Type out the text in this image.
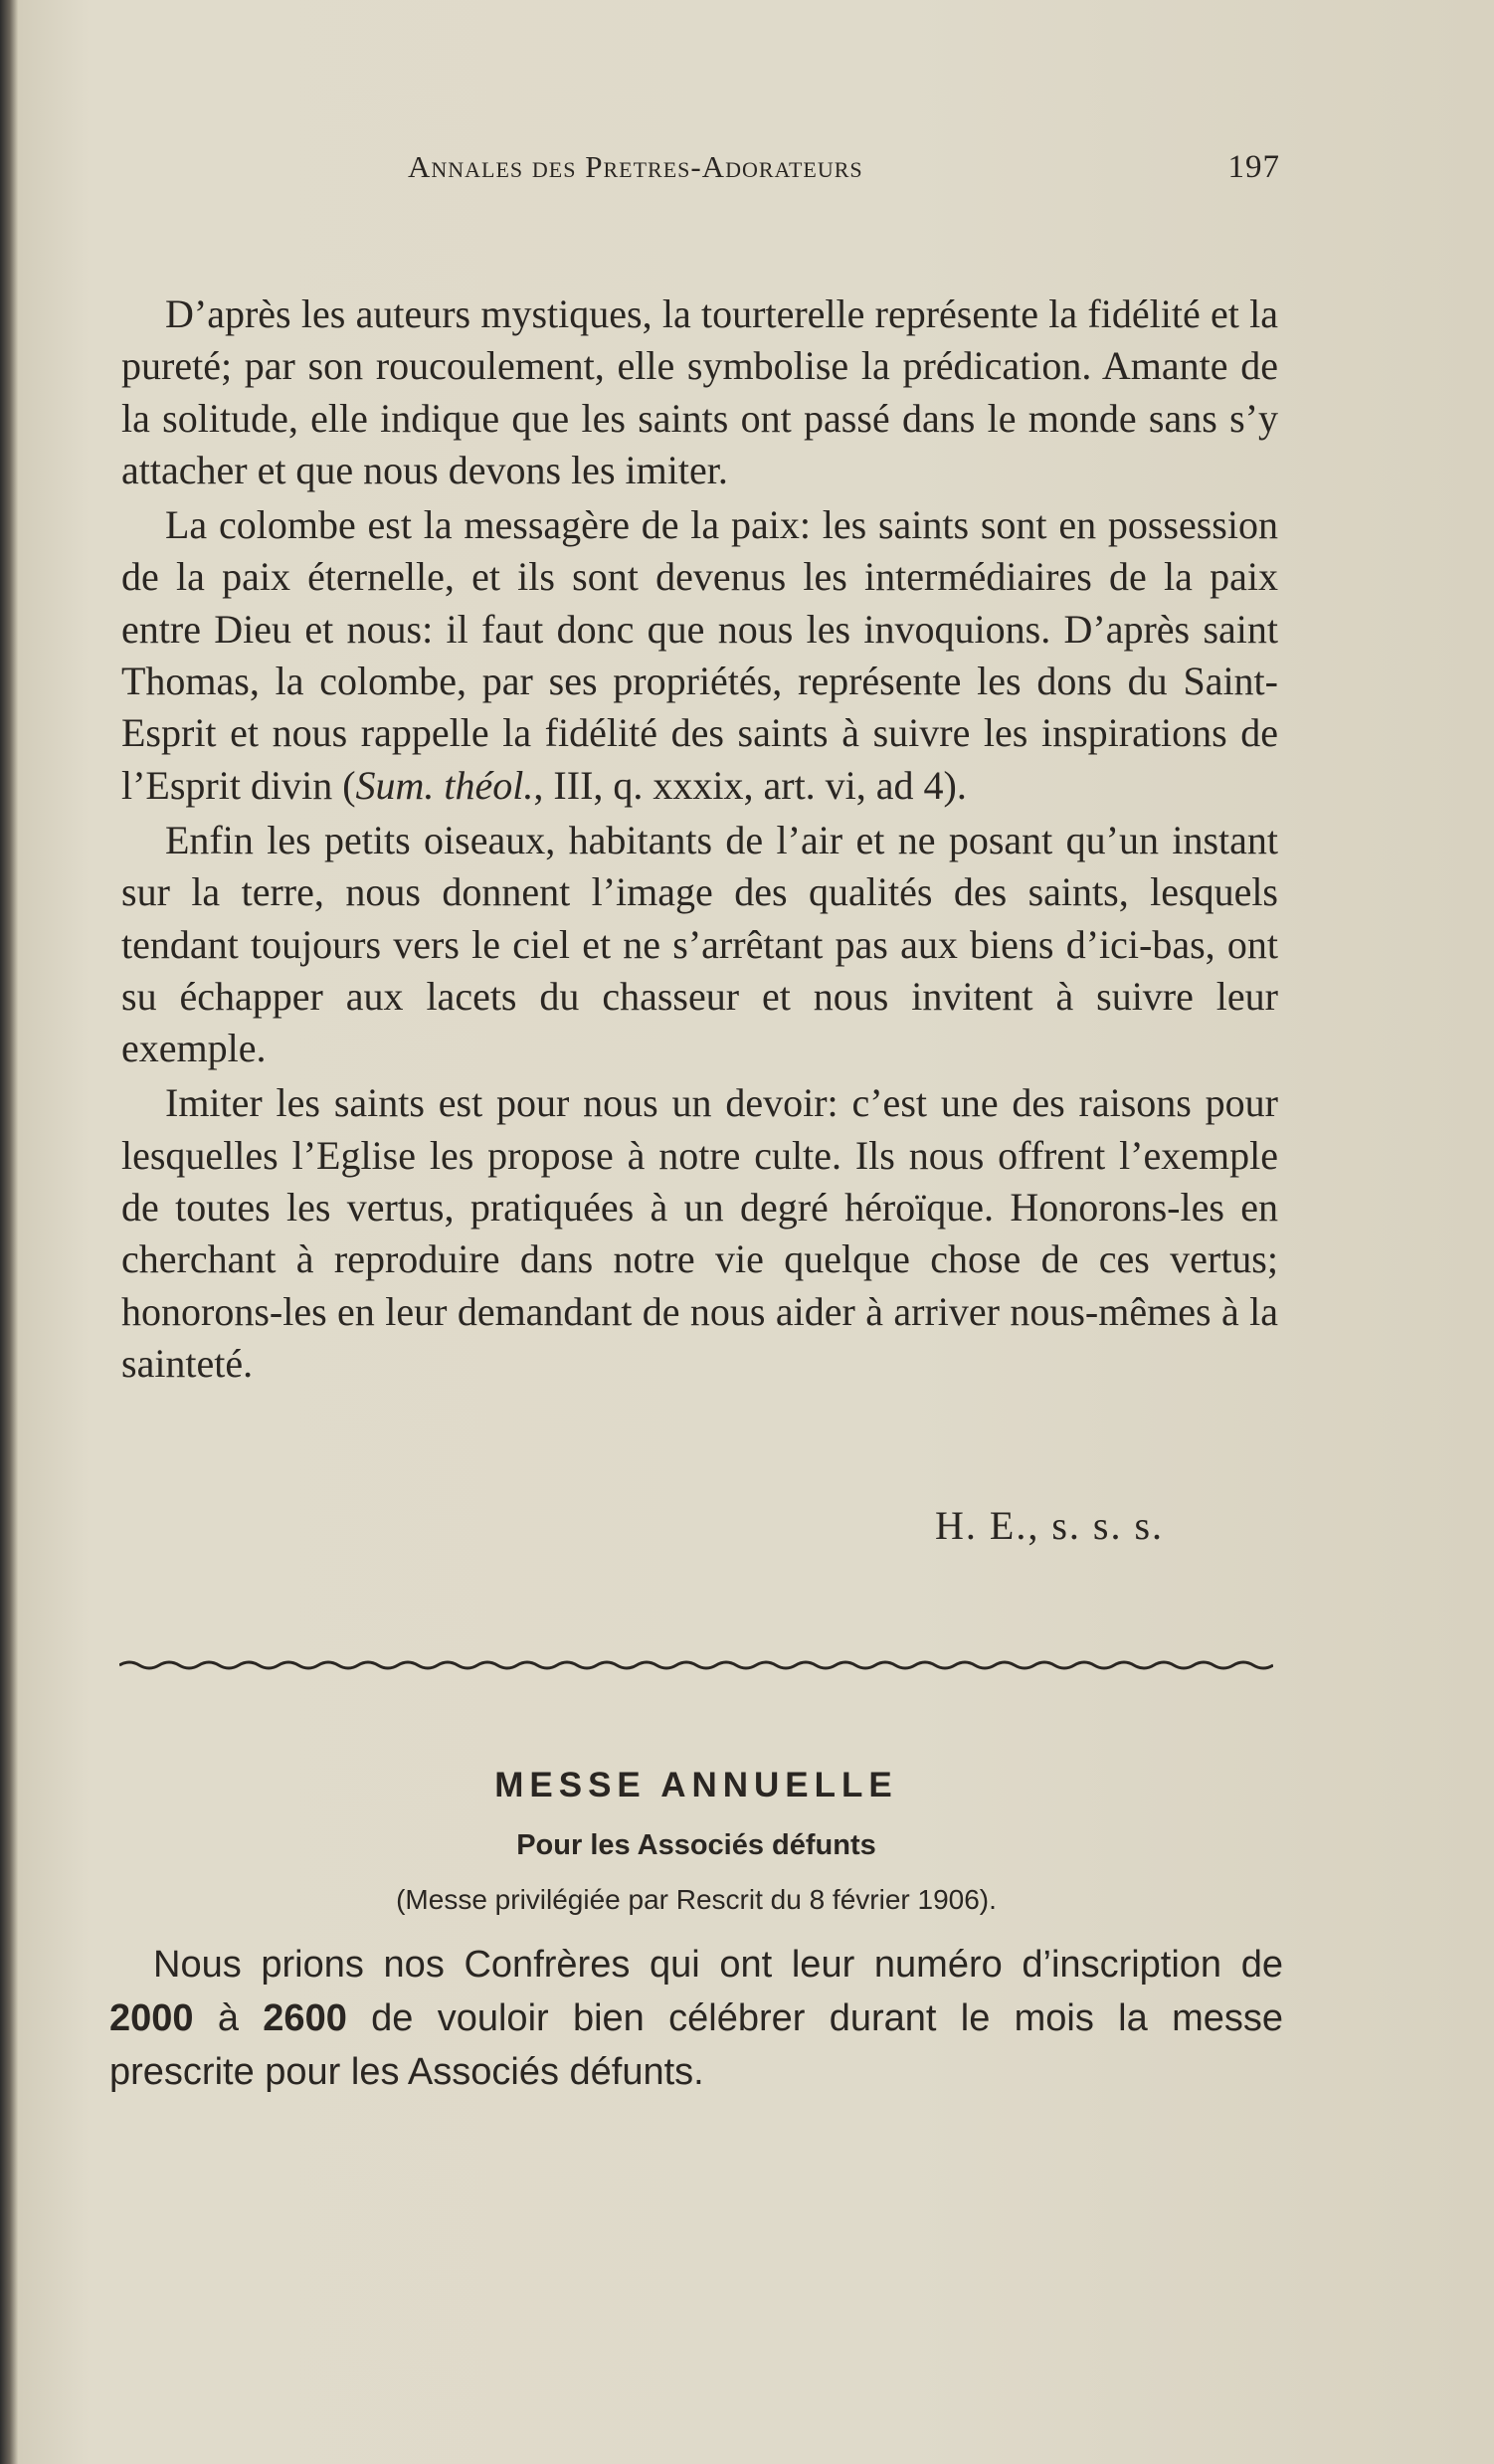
Annales des Pretres-Adorateurs	197

D’après les auteurs mystiques, la tourterelle représente la fidélité et la pureté; par son roucoulement, elle symbolise la prédication. Amante de la solitude, elle indique que les saints ont passé dans le monde sans s’y attacher et que nous devons les imiter.

La colombe est la messagère de la paix: les saints sont en possession de la paix éternelle, et ils sont devenus les intermédiaires de la paix entre Dieu et nous: il faut donc que nous les invoquions. D’après saint Thomas, la colombe, par ses propriétés, représente les dons du Saint-Esprit et nous rappelle la fidélité des saints à suivre les inspirations de l’Esprit divin (Sum. théol., III, q. xxxix, art. vi, ad 4).

Enfin les petits oiseaux, habitants de l’air et ne posant qu’un instant sur la terre, nous donnent l’image des qualités des saints, lesquels tendant toujours vers le ciel et ne s’arrêtant pas aux biens d’ici-bas, ont su échapper aux lacets du chasseur et nous invitent à suivre leur exemple.

Imiter les saints est pour nous un devoir: c’est une des raisons pour lesquelles l’Eglise les propose à notre culte. Ils nous offrent l’exemple de toutes les vertus, pratiquées à un degré héroïque. Honorons-les en cherchant à reproduire dans notre vie quelque chose de ces vertus; honorons-les en leur demandant de nous aider à arriver nous-mêmes à la sainteté.

H. E., s. s. s.

MESSE ANNUELLE

Pour les Associés défunts

(Messe privilégiée par Rescrit du 8 février 1906).

Nous prions nos Confrères qui ont leur numéro d’inscription de 2000 à 2600 de vouloir bien célébrer durant le mois la messe prescrite pour les Associés défunts.
